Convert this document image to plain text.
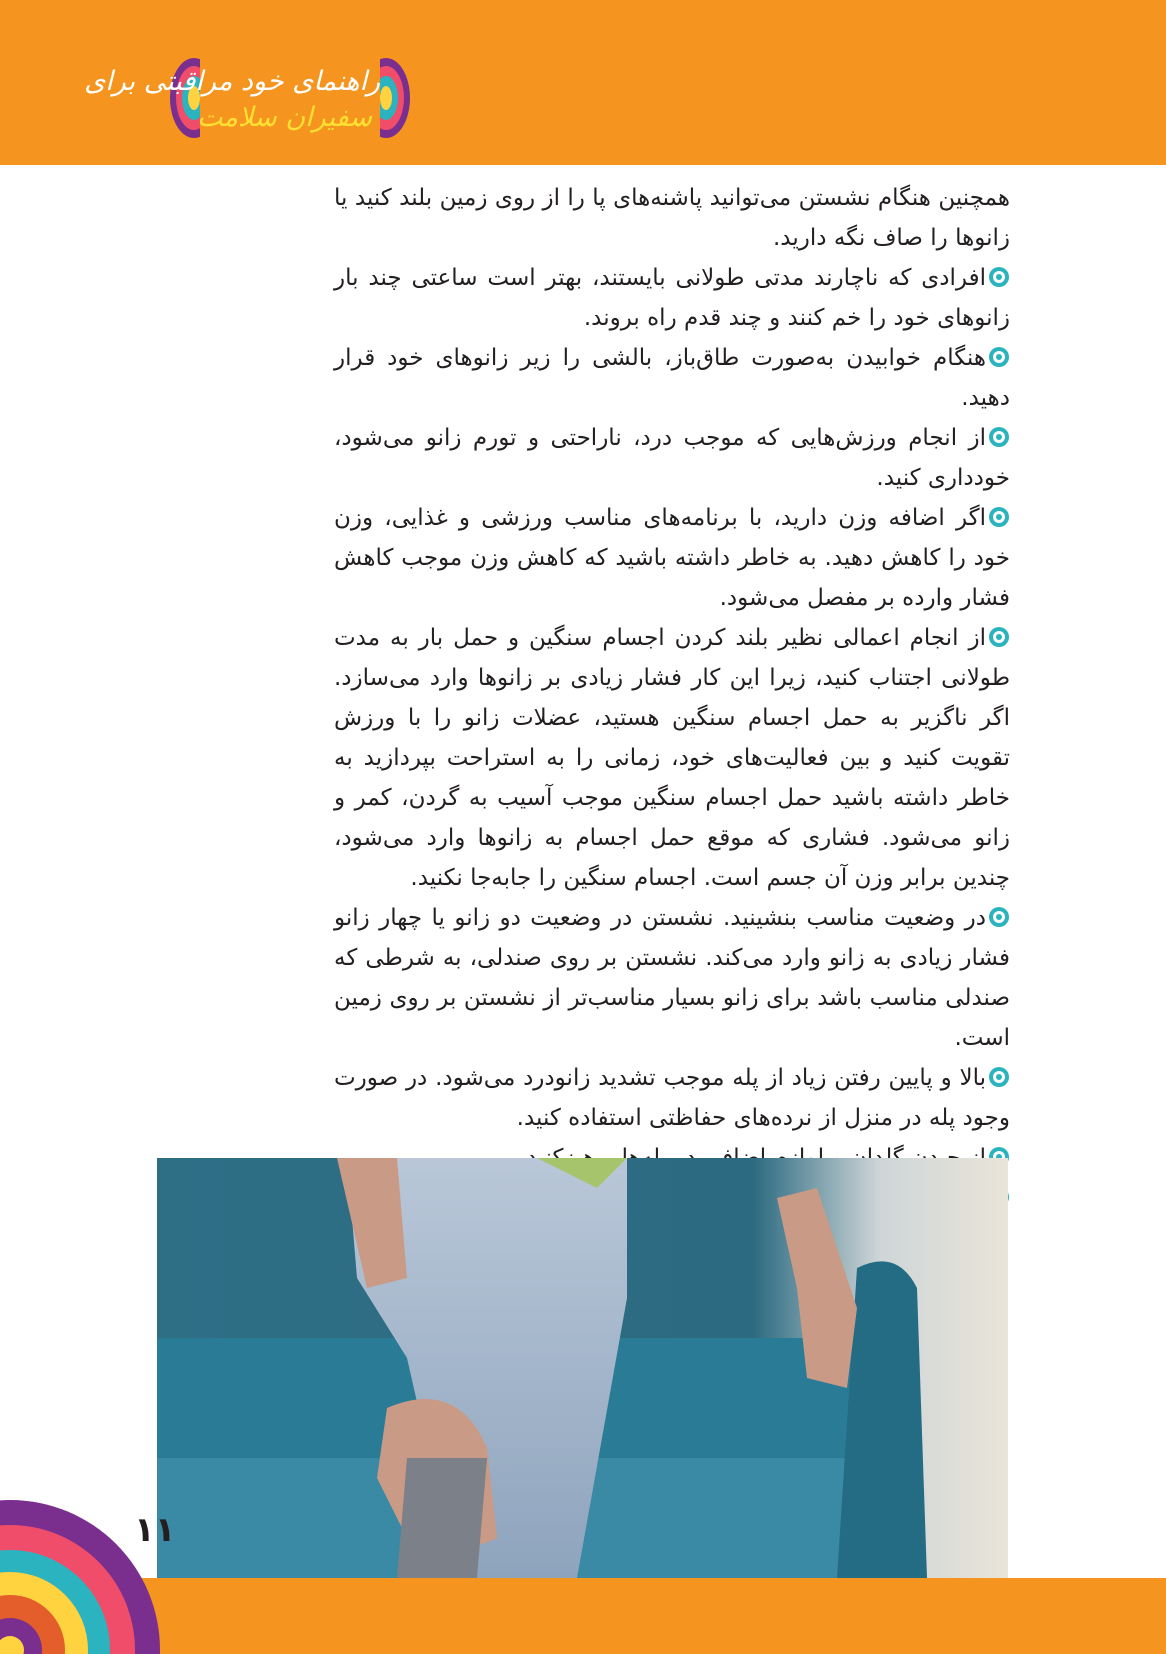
راهنمای خود مراقبتی برای
سفیران سلامت

همچنین هنگام نشستن می‌توانید پاشنه‌های پا را از روی زمین بلند کنید یا زانوها را صاف نگه دارید.

افرادی که ناچارند مدتی طولانی بایستند، بهتر است ساعتی چند بار زانوهای خود را خم کنند و چند قدم راه بروند.

هنگام خوابیدن به‌صورت طاق‌باز، بالشی را زیر زانوهای خود قرار دهید.

از انجام ورزش‌هایی که موجب درد، ناراحتی و تورم زانو می‌شود، خودداری کنید.

اگر اضافه وزن دارید، با برنامه‌های مناسب ورزشی و غذایی، وزن خود را کاهش دهید. به خاطر داشته باشید که کاهش وزن موجب کاهش فشار وارده بر مفصل می‌شود.

از انجام اعمالی نظیر بلند کردن اجسام سنگین و حمل بار به مدت طولانی اجتناب کنید، زیرا این کار فشار زیادی بر زانوها وارد می‌سازد. اگر ناگزیر به حمل اجسام سنگین هستید، عضلات زانو را با ورزش تقویت کنید و بین فعالیت‌های خود، زمانی را به استراحت بپردازید به خاطر داشته باشید حمل اجسام سنگین موجب آسیب به گردن، کمر و زانو می‌شود. فشاری که موقع حمل اجسام به زانوها وارد می‌شود، چندین برابر وزن آن جسم است. اجسام سنگین را جابه‌جا نکنید.

در وضعیت مناسب بنشینید. نشستن در وضعیت دو زانو یا چهار زانو فشار زیادی به زانو وارد می‌کند. نشستن بر روی صندلی، به شرطی که صندلی مناسب باشد برای زانو بسیار مناسب‌تر از نشستن بر روی زمین است.

بالا و پایین رفتن زیاد از پله موجب تشدید زانودرد می‌شود. در صورت وجود پله در منزل از نرده‌های حفاظتی استفاده کنید.

۱۱
